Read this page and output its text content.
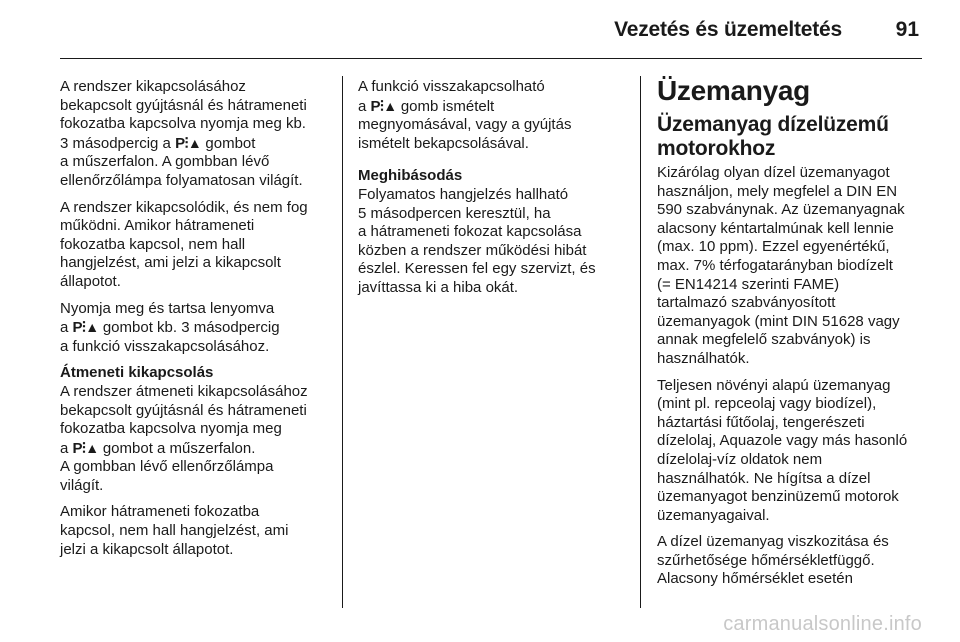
Vezetés és üzemeltetés	91
A rendszer kikapcsolásához
bekapcsolt gyújtásnál és hátrameneti
fokozatba kapcsolva nyomja meg kb.
3 másodpercig a P⫶▲ gombot
a műszerfalon. A gombban lévő
ellenőrzőlámpa folyamatosan világít.
A rendszer kikapcsolódik, és nem fog
működni. Amikor hátrameneti
fokozatba kapcsol, nem hall
hangjelzést, ami jelzi a kikapcsolt
állapotot.
Nyomja meg és tartsa lenyomva
a P⫶▲ gombot kb. 3 másodpercig
a funkció visszakapcsolásához.
Átmeneti kikapcsolás
A rendszer átmeneti kikapcsolásához
bekapcsolt gyújtásnál és hátrameneti
fokozatba kapcsolva nyomja meg
a P⫶▲ gombot a műszerfalon.
A gombban lévő ellenőrzőlámpa
világít.
Amikor hátrameneti fokozatba
kapcsol, nem hall hangjelzést, ami
jelzi a kikapcsolt állapotot.
A funkció visszakapcsolható
a P⫶▲ gomb ismételt
megnyomásával, vagy a gyújtás
ismételt bekapcsolásával.
Meghibásodás
Folyamatos hangjelzés hallható
5 másodpercen keresztül, ha
a hátrameneti fokozat kapcsolása
közben a rendszer működési hibát
észlel. Keressen fel egy szervizt, és
javíttassa ki a hiba okát.
Üzemanyag
Üzemanyag dízelüzemű
motorokhoz
Kizárólag olyan dízel üzemanyagot
használjon, mely megfelel a DIN EN
590 szabványnak. Az üzemanyagnak
alacsony kéntartalmúnak kell lennie
(max. 10 ppm). Ezzel egyenértékű,
max. 7% térfogatarányban biodízelt
(= EN14214 szerinti FAME)
tartalmazó szabványosított
üzemanyagok (mint DIN 51628 vagy
annak megfelelő szabványok) is
használhatók.
Teljesen növényi alapú üzemanyag
(mint pl. repceolaj vagy biodízel),
háztartási fűtőolaj, tengerészeti
dízelolaj, Aquazole vagy más hasonló
dízelolaj-víz oldatok nem
használhatók. Ne hígítsa a dízel
üzemanyagot benzinüzemű motorok
üzemanyagaival.
A dízel üzemanyag viszkozitása és
szűrhetősége hőmérsékletfüggő.
Alacsony hőmérséklet esetén
carmanualsonline.info
